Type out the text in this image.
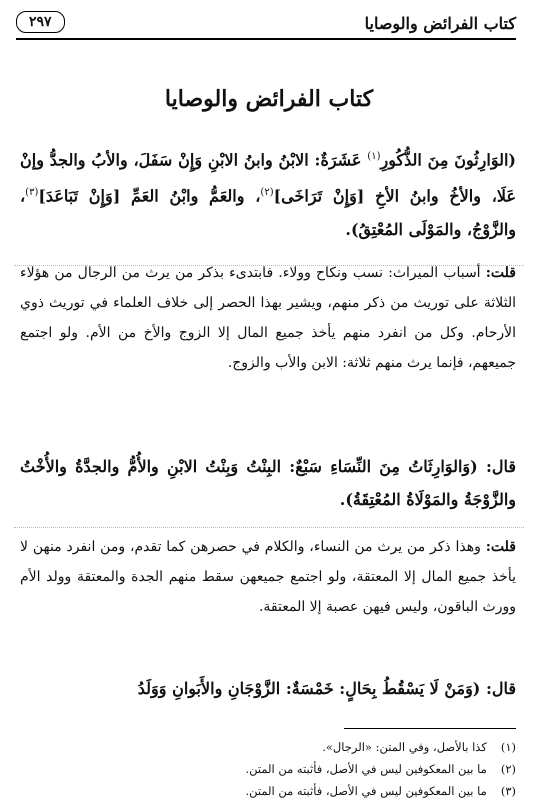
كتاب الفرائض والوصايا
٢٩٧
كتاب الفرائض والوصايا
(الوَارِثُونَ مِنَ الذُّكُورِ$^{(١)}$ عَشَرَةٌ: الابْنُ وابنُ الابْنِ وَإِنْ سَفَلَ، والأبُ والجدُّ وإنْ عَلَا، والأخُ وابنُ الأخِ [وَإِنْ تَرَاخَى]$^{(٢)}$، والعَمُّ وابْنُ العَمِّ [وَإِنْ تَبَاعَدَ]$^{(٣)}$، والزَّوْجُ، والمَوْلَى المُعْتِقُ).
قلت: أسباب الميراث: نسب ونكاح وولاء. فابتدىء بذكر من يرث من الرجال من هؤلاء الثلاثة على توريث من ذكر منهم، ويشير بهذا الحصر إلى خلاف العلماء في توريث ذوي الأرحام. وكل من انفرد منهم يأخذ جميع المال إلا الزوج والأخ من الأم. ولو اجتمع جميعهم، فإنما يرث منهم ثلاثة: الابن والأب والزوج.
قال: (وَالوَارِثَاتُ مِنَ النِّسَاءِ سَبْعٌ: البِنْتُ وَبِنْتُ الابْنِ والأُمُّ والجدَّةُ والأُخْتُ والزَّوْجَةُ والمَوْلَاةُ المُعْتِقَةُ).
قلت: وهذا ذكر من يرث من النساء، والكلام في حصرهن كما تقدم، ومن انفرد منهن لا يأخذ جميع المال إلا المعتقة، ولو اجتمع جميعهن سقط منهم الجدة والمعتقة وولد الأم وورث الباقون، وليس فيهن عصبة إلا المعتقة.
قال: (وَمَنْ لَا يَسْقُطُ بِحَالٍ: خَمْسَةٌ: الزَّوْجَانِ والأَبَوانِ وَوَلَدُ
(١)كذا بالأصل، وفي المتن: «الرجال».
(٢)ما بين المعكوفين ليس في الأصل، فأثبته من المتن.
(٣)ما بين المعكوفين ليس في الأصل، فأثبته من المتن.
